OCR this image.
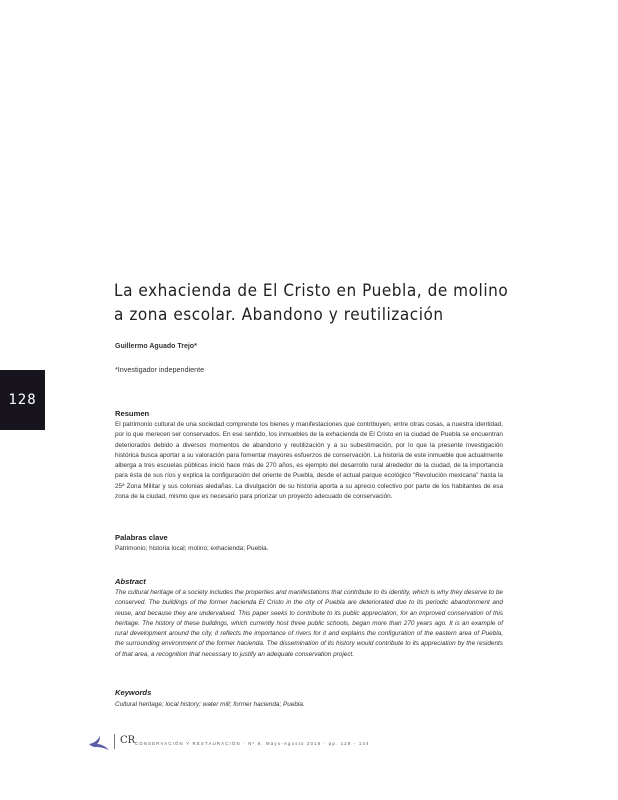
128
La exhacienda de El Cristo en Puebla, de molino
a zona escolar. Abandono y reutilización
Guillermo Aguado Trejo*
*Investigador independiente
Resumen
El patrimonio cultural de una sociedad comprende los bienes y manifestaciones que contribuyen, entre otras cosas, a nuestra identidad, por lo que merecen ser conservados. En ese sentido, los inmuebles de la exhacienda de El Cristo en la ciudad de Puebla se encuentran deteriorados debido a diversos momentos de abandono y reutilización y a su subestimación, por lo que la presente investigación histórica busca aportar a su valoración para fomentar mayores esfuerzos de conservación. La historia de este inmueble que actualmente alberga a tres escuelas públicas inició hace más de 270 años, es ejemplo del desarrollo rural alrededor de la ciudad, de la importancia para ésta de sus ríos y explica la configuración del oriente de Puebla, desde el actual parque ecológico “Revolución mexicana” hasta la 25ª Zona Militar y sus colonias aledañas. La divulgación de su historia aporta a su aprecio colectivo por parte de los habitantes de esa zona de la ciudad, mismo que es necesario para priorizar un proyecto adecuado de conservación.
Palabras clave
Patrimonio; historia local; molino; exhacienda; Puebla.
Abstract
The cultural heritage of a society includes the properties and manifestations that contribute to its identity, which is why they deserve to be conserved. The buildings of the former hacienda El Cristo in the city of Puebla are deteriorated due to its periodic abandonment and reuse, and because they are undervalued. This paper seeks to contribute to its public appreciation, for an improved conservation of this heritage. The history of these buildings, which currently host three public schools, began more than 270 years ago. It is an example of rural development around the city, it reflects the importance of rivers for it and explains the configuration of the eastern area of Puebla, the surrounding environment of the former hacienda. The dissemination of its history would contribute to its appreciation by the residents of that area, a recognition that necessary to justify an adequate conservation project.
Keywords
Cultural heritage; local history; water mill; former hacienda; Puebla.
CR CONSERVACIÓN Y RESTAURACIÓN · Nº 9, Mayo-Agosto 2016 · pp. 128 - 144
